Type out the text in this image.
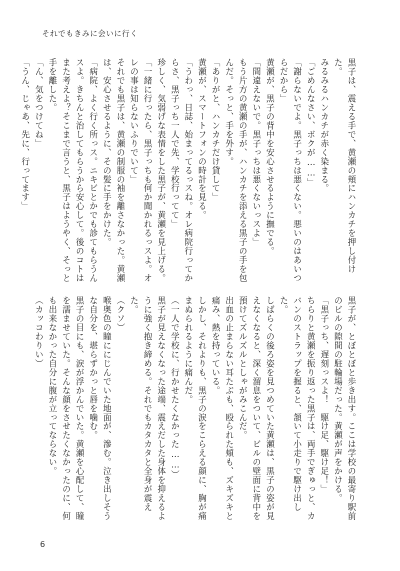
それでもきみに会いに行く

黒子は、震える手で、黄瀬の頬にハンカチを押し付けた。

みるみるハンカチが赤く染まる。

「ごめんなさい、ボクが……」

「謝らないでよ。黒子っちは悪くない。悪いのはあいつらだから」

黄瀬が、黒子の背中を安心させるように撫でる。

「間違えないで。黒子っちは悪くないっスよ」

もう片方の黄瀬の手が、ハンカチを添える黒子の手を包んだ。そっと、手を外す。

「ありがと、ハンカチだけ貸して」

黄瀬が、スマートフォンの時計を見る。

「うわっ、日誌、始まってるっスね。オレ病院行ってからさ、黒子っち一人で先、学校行ってて」

珍しく、気弱げな表情をした黒子が、黄瀬を見上げる。

「一緒に行ったら、黒子っちも何か聞かれるっスよ。オレの事は知らないふりでいて」

それでも黒子は、黄瀬の制服の袖を離さなかった。黄瀬は、安心させるように、その髪に手をかけた。

「病院、よく行く所っス。ニキビとかでも診てもらうんスよ。きちんと治してもらうから安心して。後のコトはまた考えよ？そこまで言うと、黒子はようやく、そっと手を離した。

「ん、気をつけてね」

「うん、じゃあ、先に、行ってます」

黒子が、とぼとぼと歩き出す。ここは学校の最寄り駅前のビルの隙間の駐輪場だった。黄瀬が声をかける。

「黒子っち、遅刻っスよ！　駆け足、駆け足！」

ちらりと黄瀬を振り返った黒子は、両手でぎゅっと、カバンのストラップを握ると、頷いて小走りで駆け出した。

しばらくの後ろ姿を見つめていた黄瀬は、黒子の姿が見えなくなると、深く溜息をついて、ビルの壁面に背中を預けてズルズルとしゃがみこんだ。

出血の止まらない耳たぶも、殴られた頬も、ズキズキと痛み、熱を持っている。

しかし、それよりも、黒子の涙をこらえる顔に、胸が痛まぬられるように痛んだ。

（一人で学校に、行かせたくなかった……）

黒子が見えなくなった途端、震えだした身体を抑えるように強く抱き締める。それでもカタカタと全身が震えた。

（クソ）

喉奥色の瞳ににじんでいた地面が、滲む。泣き出しそうな自分を、堪らずかっと唇を噛む。

黒子の目にも、涙が浮かんでいた。黄瀬を心配して、瞳を濡ませていた。そんな顔をさせたくなかったのに、何も出来なかった自分に腹が立ってならない。

（カッコわりい）

6
